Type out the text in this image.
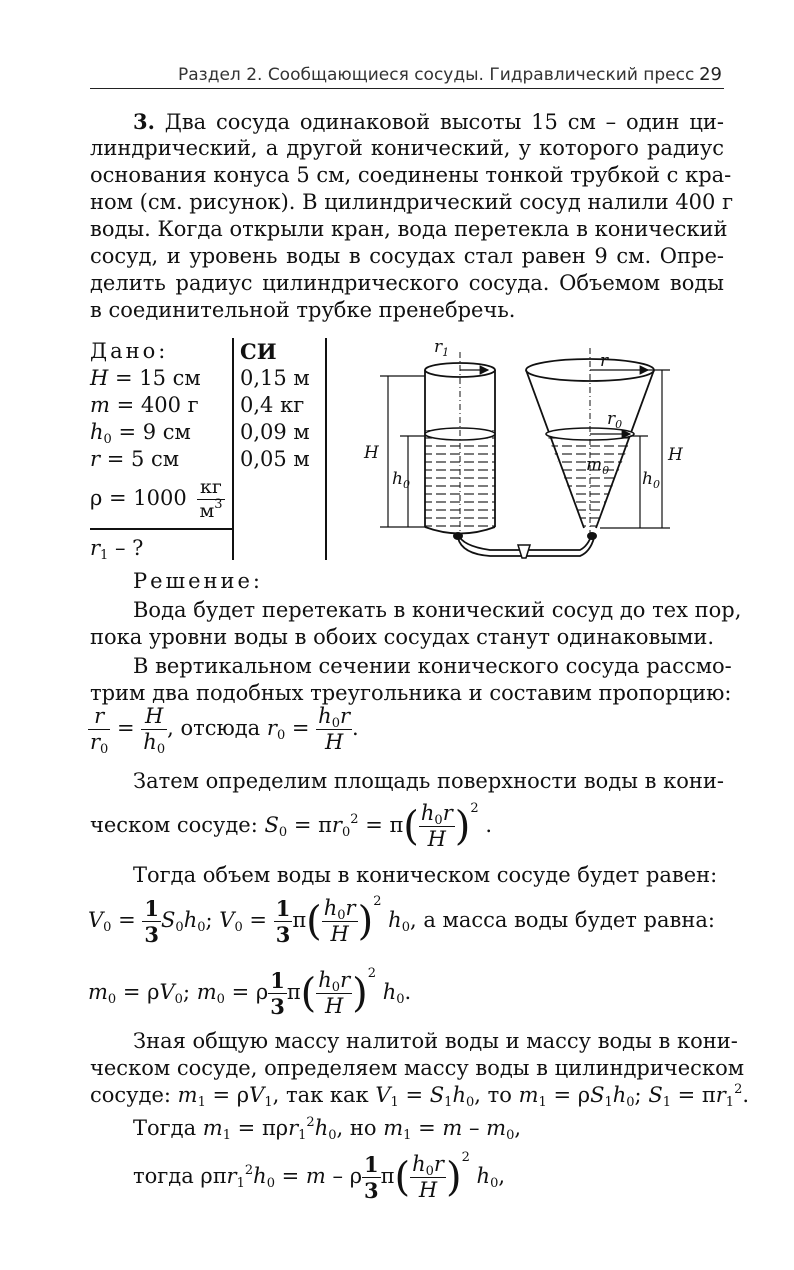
Раздел 2. Сообщающиеся сосуды. Гидравлический пресс 29
3. Два сосуда одинаковой высоты 15 см – один ци-
линдрический, а другой конический, у которого радиус
основания конуса 5 см, соединены тонкой трубкой с кра-
ном (см. рисунок). В цилиндрический сосуд налили 400 г
воды. Когда открыли кран, вода перетекла в конический
сосуд, и уровень воды в сосудах стал равен 9 см. Опре-
делить радиус цилиндрического сосуда. Объемом воды
в соединительной трубке пренебречь.
Дано:	СИ
H = 15 см 0,15 м
m = 400 г 0,4 кг
$h_0 = 9$ см 0,09 м
r = 5 см	0,05 м
$\rho = 1000 \frac{кг}{м^3}$
$r_1$ – ?
$r_1$	r
$r_0$
$m_0$
H
$h_0$
H
$h_0$
Решение:
Вода будет перетекать в конический сосуд до тех пор,
пока уровни воды в обоих сосудах станут одинаковыми.
В вертикальном сечении конического сосуда рассмо-
трим два подобных треугольника и составим пропорцию:
$\frac{r}{r_0} = \frac{H}{h_0}$ , отсюда $r_0 = \frac{h_0r}{H}$ .
Затем определим площадь поверхности воды в кони-
ческом сосуде: $S_0 = \pi r_0^2 = \pi( \frac{h_0r}{H} )^2$ .
Тогда объем воды в коническом сосуде будет равен:
$V_0 = \frac{1}{3} S_0h_0$; $V_0 = \frac{1}{3} \pi( \frac{h_0r}{H} )^2$ $h_0$, а масса воды будет равна:
$m_0 = \rho V_0$; $m_0 = \rho \frac{1}{3} \pi( \frac{h_0r}{H} )^2$ $h_0$.
Зная общую массу налитой воды и массу воды в кони-
ческом сосуде, определяем массу воды в цилиндрическом
сосуде: $m_1 = \rho V_1$, так как $V_1 = S_1h_0$, то $m_1 = \rho S_1h_0$; $S_1 = \pi r_1^2$.
Тогда $m_1 = \pi\rho r_1^2h_0$, но $m_1 = m - m_0$,
тогда $\rho\pi r_1^2h_0 = m - \rho \frac{1}{3} \pi( \frac{h_0r}{H} )^2$ $h_0$,
